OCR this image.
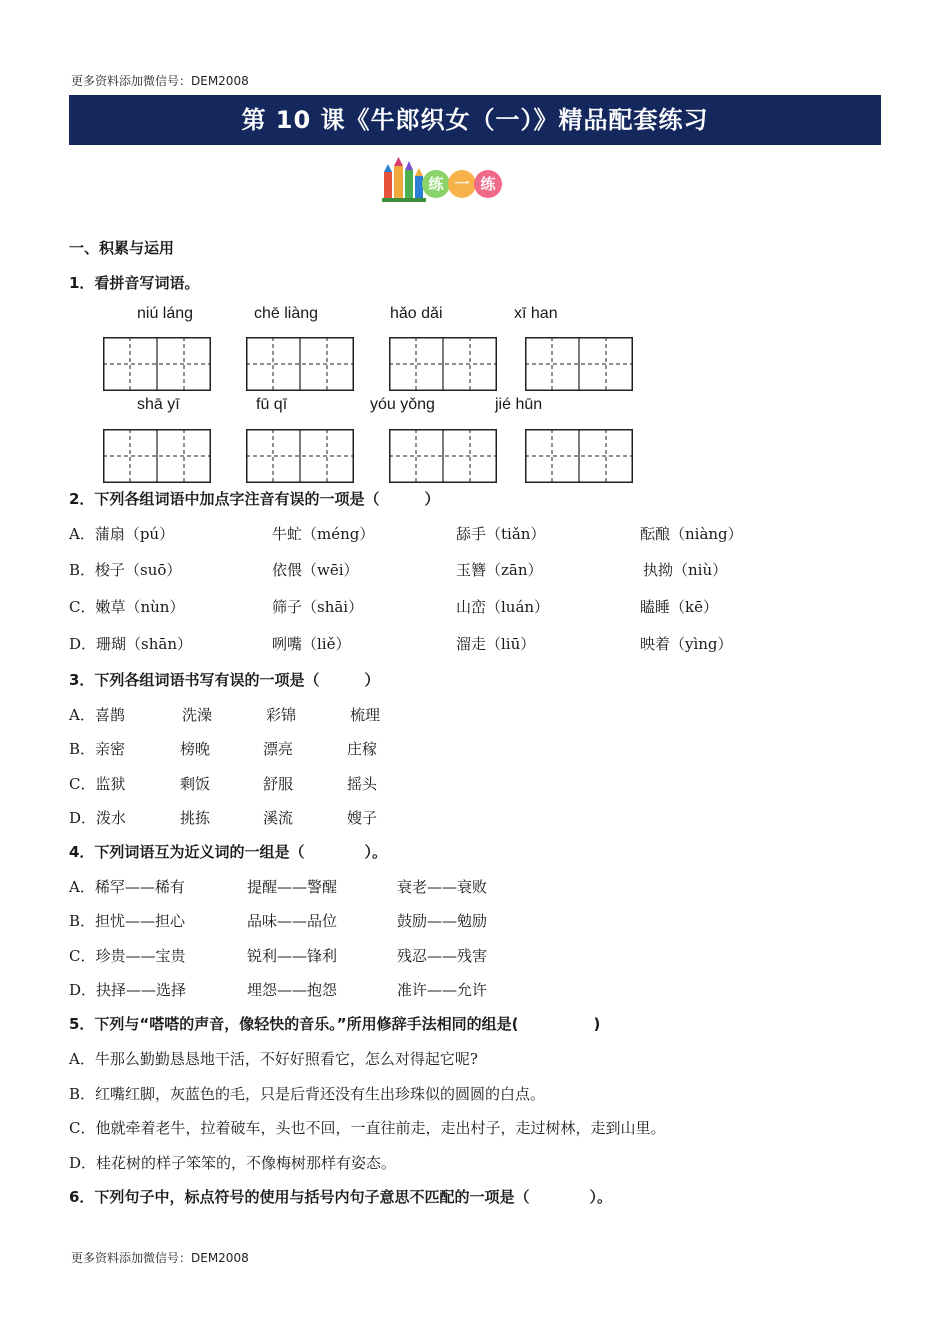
更多资料添加微信号：DEM2008
第 10 课《牛郎织女（一）》精品配套练习
练 一 练
一、积累与运用
1．看拼音写词语。
niú láng	chē liàng	hǎo dǎi	xī han
shā yī	fū qī	yóu yǒng	jié hūn
2．下列各组词语中加点字注音有误的一项是（　　　）
A．蒲扇（pú）	牛虻（méng）	舔手（tiǎn）	酝酿（niàng）
B．梭子（suō）	依偎（wēi）	玉簪（zān）	执拗（niù）
C．嫩草（nùn）	筛子（shāi）	山峦（luán）	瞌睡（kē）
D．珊瑚（shān）	咧嘴（liě）	溜走（liū）	映着（yìng）
3．下列各组词语书写有误的一项是（　　　）
A．喜鹊	洗澡	彩锦	梳理
B．亲密	榜晚	漂亮	庄稼
C．监狱	剩饭	舒服	摇头
D．泼水	挑拣	溪流	嫂子
4．下列词语互为近义词的一组是（　　　　）。
A．稀罕——稀有	提醒——警醒	衰老——衰败
B．担忧——担心	品味——品位	鼓励——勉励
C．珍贵——宝贵	锐利——锋利	残忍——残害
D．抉择——选择	埋怨——抱怨	准许——允许
5．下列与“嗒嗒的声音，像轻快的音乐。”所用修辞手法相同的组是(　　　　　)
A．牛那么勤勤恳恳地干活，不好好照看它，怎么对得起它呢?
B．红嘴红脚，灰蓝色的毛，只是后背还没有生出珍珠似的圆圆的白点。
C．他就牵着老牛，拉着破车，头也不回，一直往前走，走出村子，走过树林，走到山里。
D．桂花树的样子笨笨的，不像梅树那样有姿态。
6．下列句子中，标点符号的使用与括号内句子意思不匹配的一项是（　　　　）。
更多资料添加微信号：DEM2008
